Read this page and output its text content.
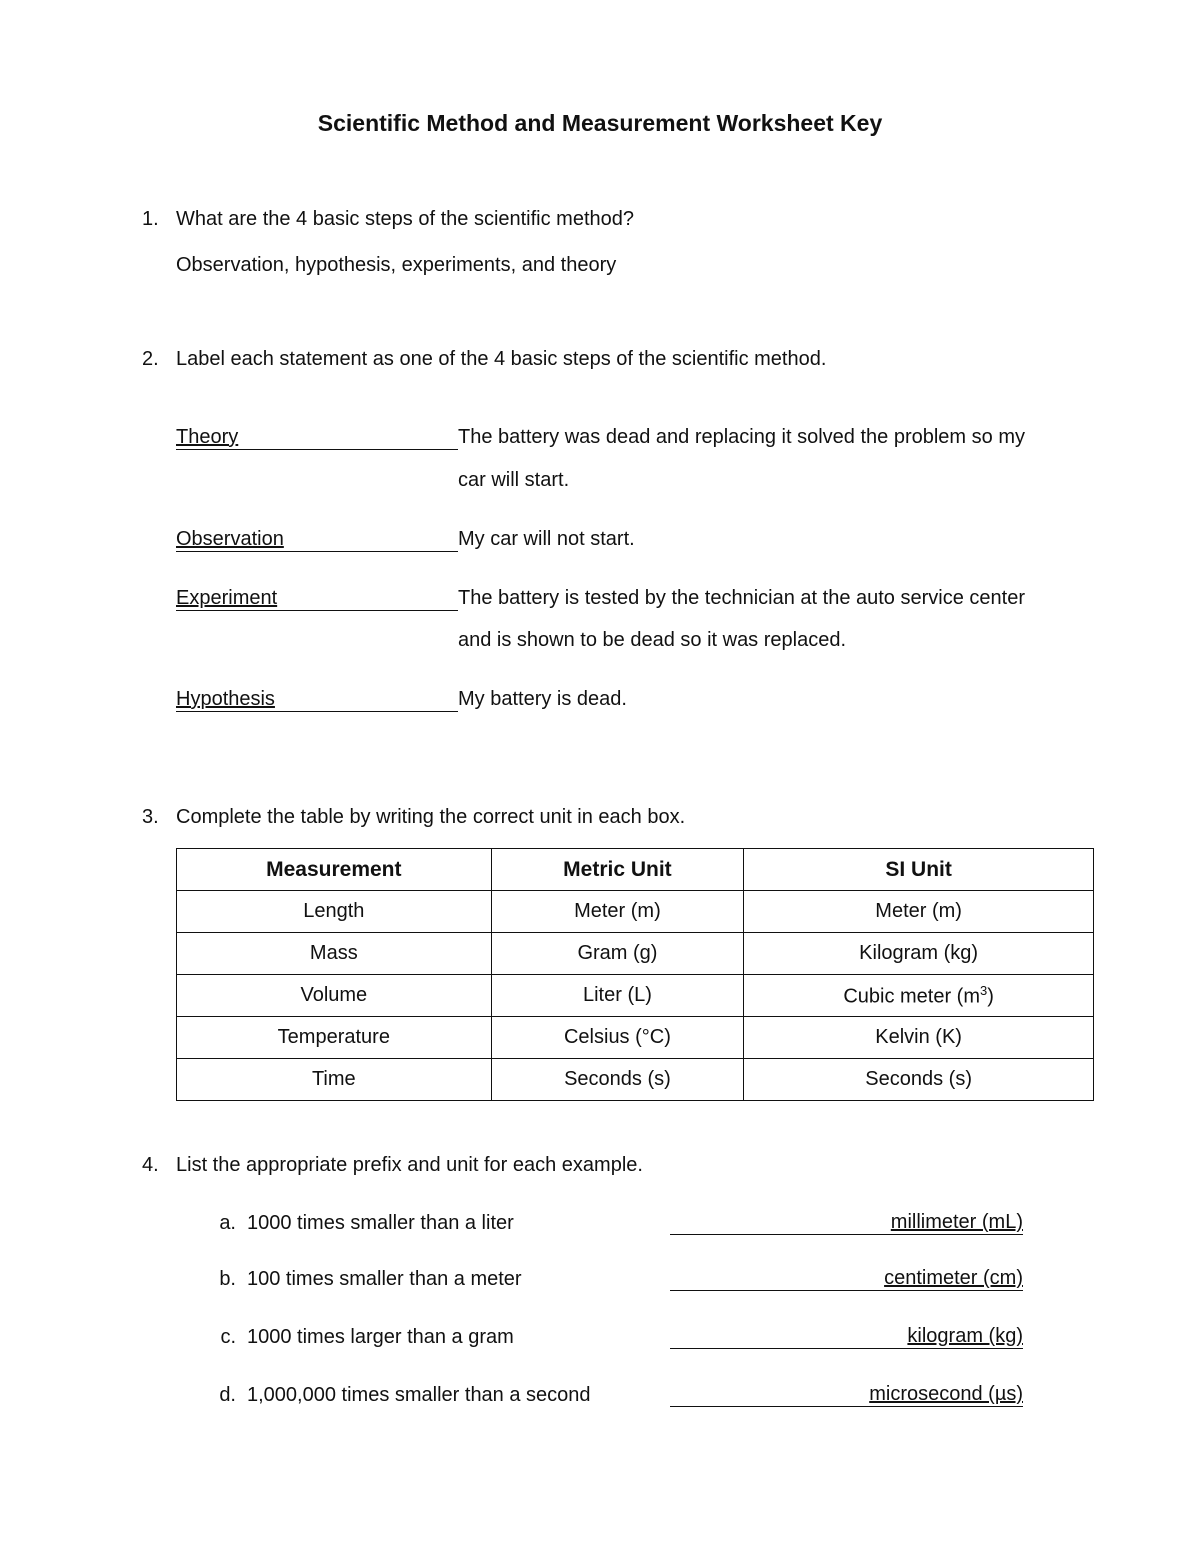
Scientific Method and Measurement Worksheet Key
1. What are the 4 basic steps of the scientific method?
Observation, hypothesis, experiments, and theory
2. Label each statement as one of the 4 basic steps of the scientific method.
Theory	The battery was dead and replacing it solved the problem so my
car will start.
Observation	My car will not start.
Experiment	The battery is tested by the technician at the auto service center
and is shown to be dead so it was replaced.
Hypothesis	My battery is dead.
3. Complete the table by writing the correct unit in each box.
Measurement	Metric Unit	SI Unit
Length	Meter (m)	Meter (m)
Mass	Gram (g)	Kilogram (kg)
Volume	Liter (L)	Cubic meter $(m^3)$
Temperature	Celsius (°C)	Kelvin (K)
Time	Seconds (s)	Seconds (s)
4. List the appropriate prefix and unit for each example.
a. 1000 times smaller than a liter	millimeter (mL)
b. 100 times smaller than a meter	centimeter (cm)
c. 1000 times larger than a gram	kilogram (kg)
d. 1,000,000 times smaller than a second	microsecond (µs)
